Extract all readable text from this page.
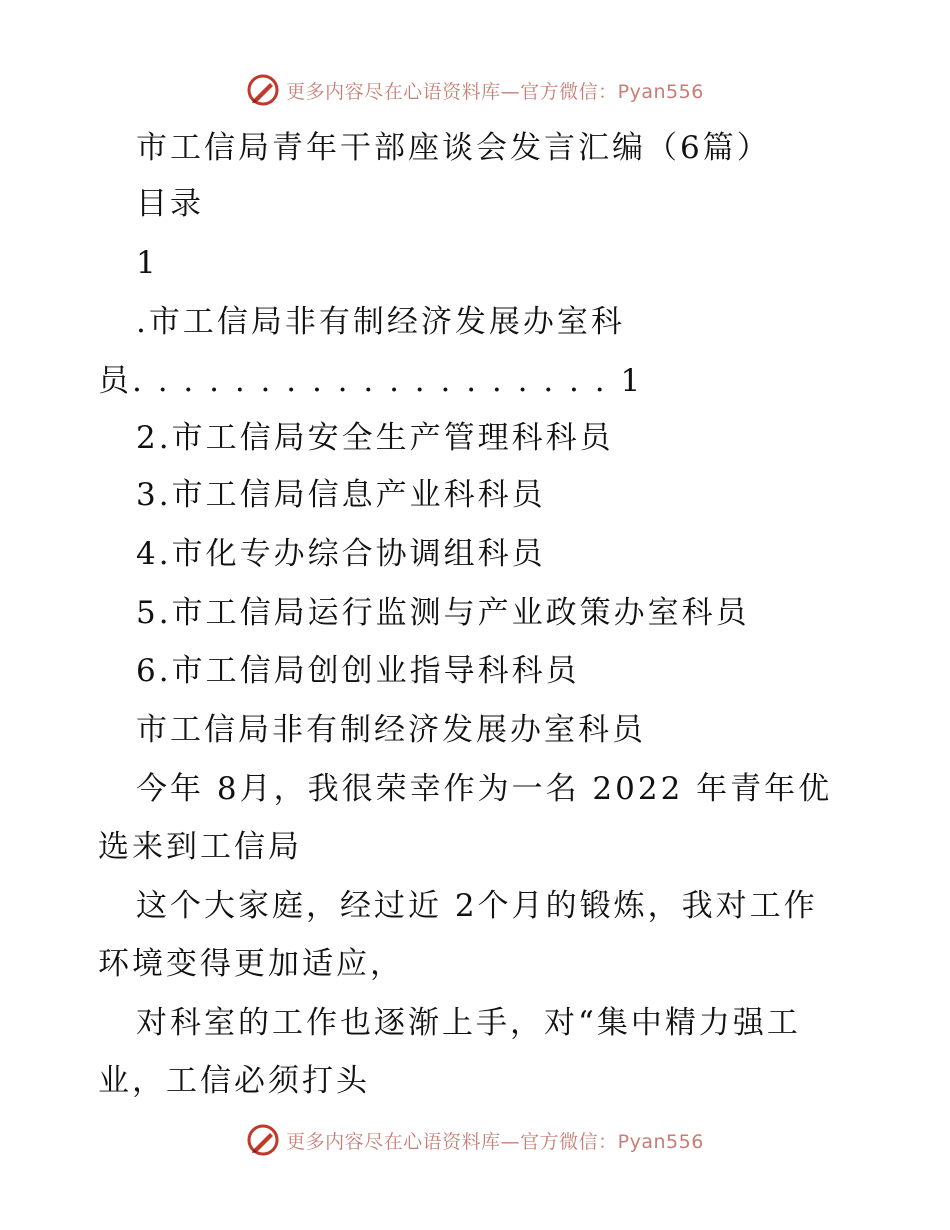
更多内容尽在心语资料库—官方微信：Pyan556
市工信局青年干部座谈会发言汇编（6篇）
目录
1
.市工信局非有制经济发展办室科
员. . . . . . . . . . . . . . . . . . . 1
2.市工信局安全生产管理科科员
3.市工信局信息产业科科员
4.市化专办综合协调组科员
5.市工信局运行监测与产业政策办室科员
6.市工信局创创业指导科科员
市工信局非有制经济发展办室科员
今年 8月，我很荣幸作为一名 2022 年青年优
选来到工信局
这个大家庭，经过近 2个月的锻炼，我对工作
环境变得更加适应，
对科室的工作也逐渐上手，对“集中精力强工
业，工信必须打头
更多内容尽在心语资料库—官方微信：Pyan556
